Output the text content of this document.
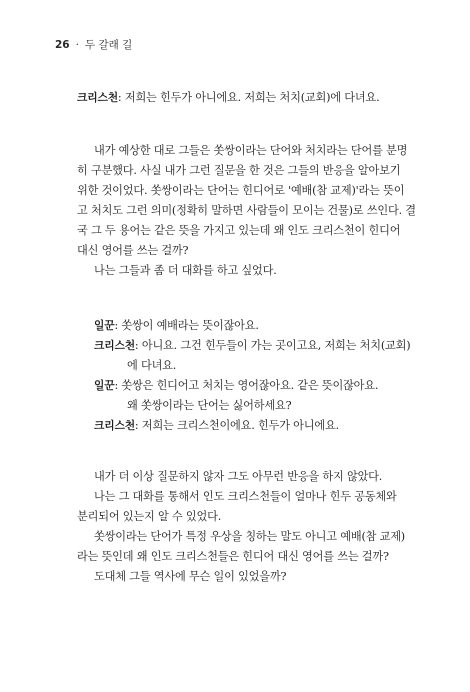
26 · 두 갈래 길
크리스천: 저희는 힌두가 아니에요. 저희는 처치(교회)에 다녀요.
내가 예상한 대로 그들은 쏫쌍이라는 단어와 처치라는 단어를 분명
히 구분했다. 사실 내가 그런 질문을 한 것은 그들의 반응을 알아보기
위한 것이었다. 쏫쌍이라는 단어는 힌디어로 '예배(참 교제)'라는 뜻이
고 처치도 그런 의미(정확히 말하면 사람들이 모이는 건물)로 쓰인다. 결
국 그 두 용어는 같은 뜻을 가지고 있는데 왜 인도 크리스천이 힌디어
대신 영어를 쓰는 걸까?
나는 그들과 좀 더 대화를 하고 싶었다.
일꾼: 쏫쌍이 예배라는 뜻이잖아요.
크리스천: 아니요. 그건 힌두들이 가는 곳이고요, 저희는 처치(교회)
에 다녀요.
일꾼: 쏫쌍은 힌디어고 처치는 영어잖아요. 같은 뜻이잖아요.
왜 쏫쌍이라는 단어는 싫어하세요?
크리스천: 저희는 크리스천이에요. 힌두가 아니에요.
내가 더 이상 질문하지 않자 그도 아무런 반응을 하지 않았다.
나는 그 대화를 통해서 인도 크리스천들이 얼마나 힌두 공동체와
분리되어 있는지 알 수 있었다.
쏫쌍이라는 단어가 특정 우상을 칭하는 말도 아니고 예배(참 교제)
라는 뜻인데 왜 인도 크리스천들은 힌디어 대신 영어를 쓰는 걸까?
도대체 그들 역사에 무슨 일이 있었을까?
